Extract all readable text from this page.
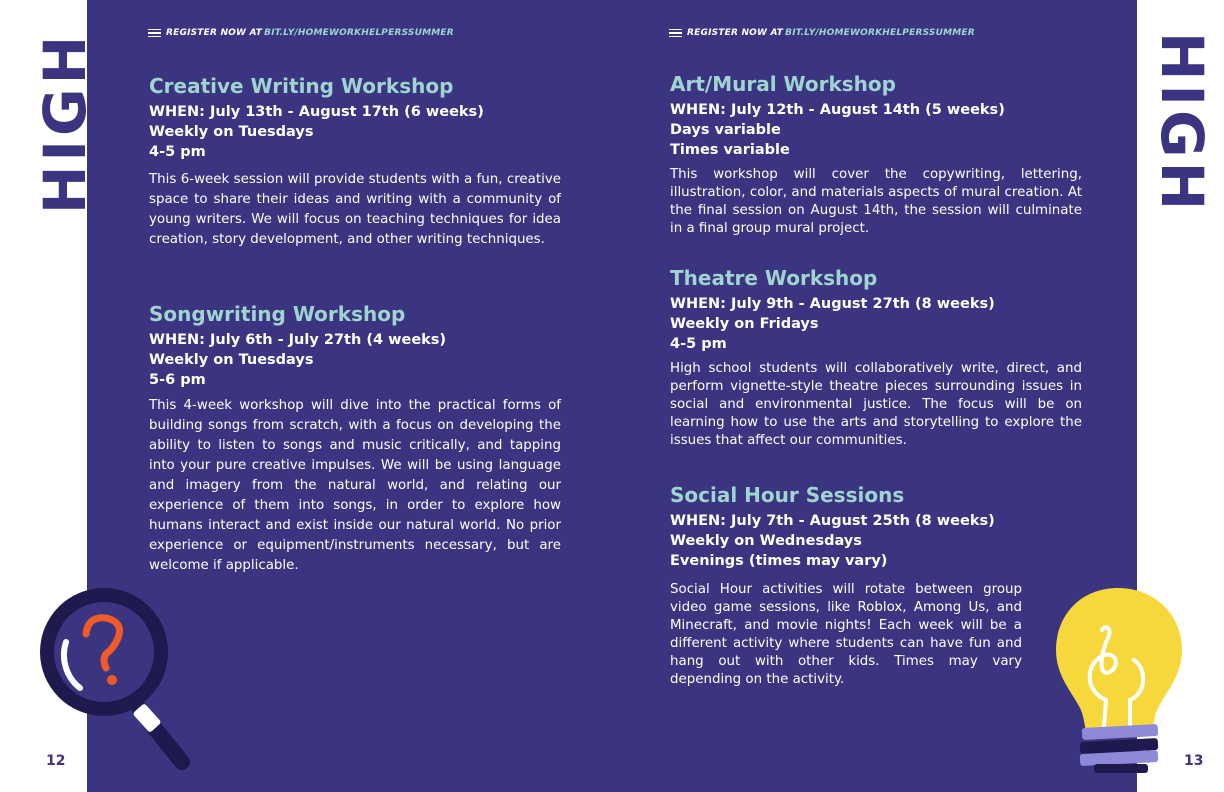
HIGH	HIGH
12	13
REGISTER NOW AT BIT.LY/HOMEWORKHELPERSSUMMER
Creative Writing Workshop
WHEN: July 13th - August 17th (6 weeks)
Weekly on Tuesdays
4-5 pm
This 6-week session will provide students with a fun, creative space to share their ideas and writing with a community of young writers. We will focus on teaching techniques for idea creation, story development, and other writing techniques.
Songwriting Workshop
WHEN: July 6th - July 27th (4 weeks)
Weekly on Tuesdays
5-6 pm
This 4-week workshop will dive into the practical forms of building songs from scratch, with a focus on developing the ability to listen to songs and music critically, and tapping into your pure creative impulses. We will be using language and imagery from the natural world, and relating our experience of them into songs, in order to explore how humans interact and exist inside our natural world. No prior experience or equipment/instruments necessary, but are welcome if applicable.
REGISTER NOW AT BIT.LY/HOMEWORKHELPERSSUMMER
Art/Mural Workshop
WHEN: July 12th - August 14th (5 weeks)
Days variable
Times variable
This workshop will cover the copywriting, lettering, illustration, color, and materials aspects of mural creation. At the final session on August 14th, the session will culminate in a final group mural project.
Theatre Workshop
WHEN: July 9th - August 27th (8 weeks)
Weekly on Fridays
4-5 pm
High school students will collaboratively write, direct, and perform vignette-style theatre pieces surrounding issues in social and environmental justice. The focus will be on learning how to use the arts and storytelling to explore the issues that affect our communities.
Social Hour Sessions
WHEN: July 7th - August 25th (8 weeks)
Weekly on Wednesdays
Evenings (times may vary)
Social Hour activities will rotate between group video game sessions, like Roblox, Among Us, and Minecraft, and movie nights! Each week will be a different activity where students can have fun and hang out with other kids. Times may vary depending on the activity.
